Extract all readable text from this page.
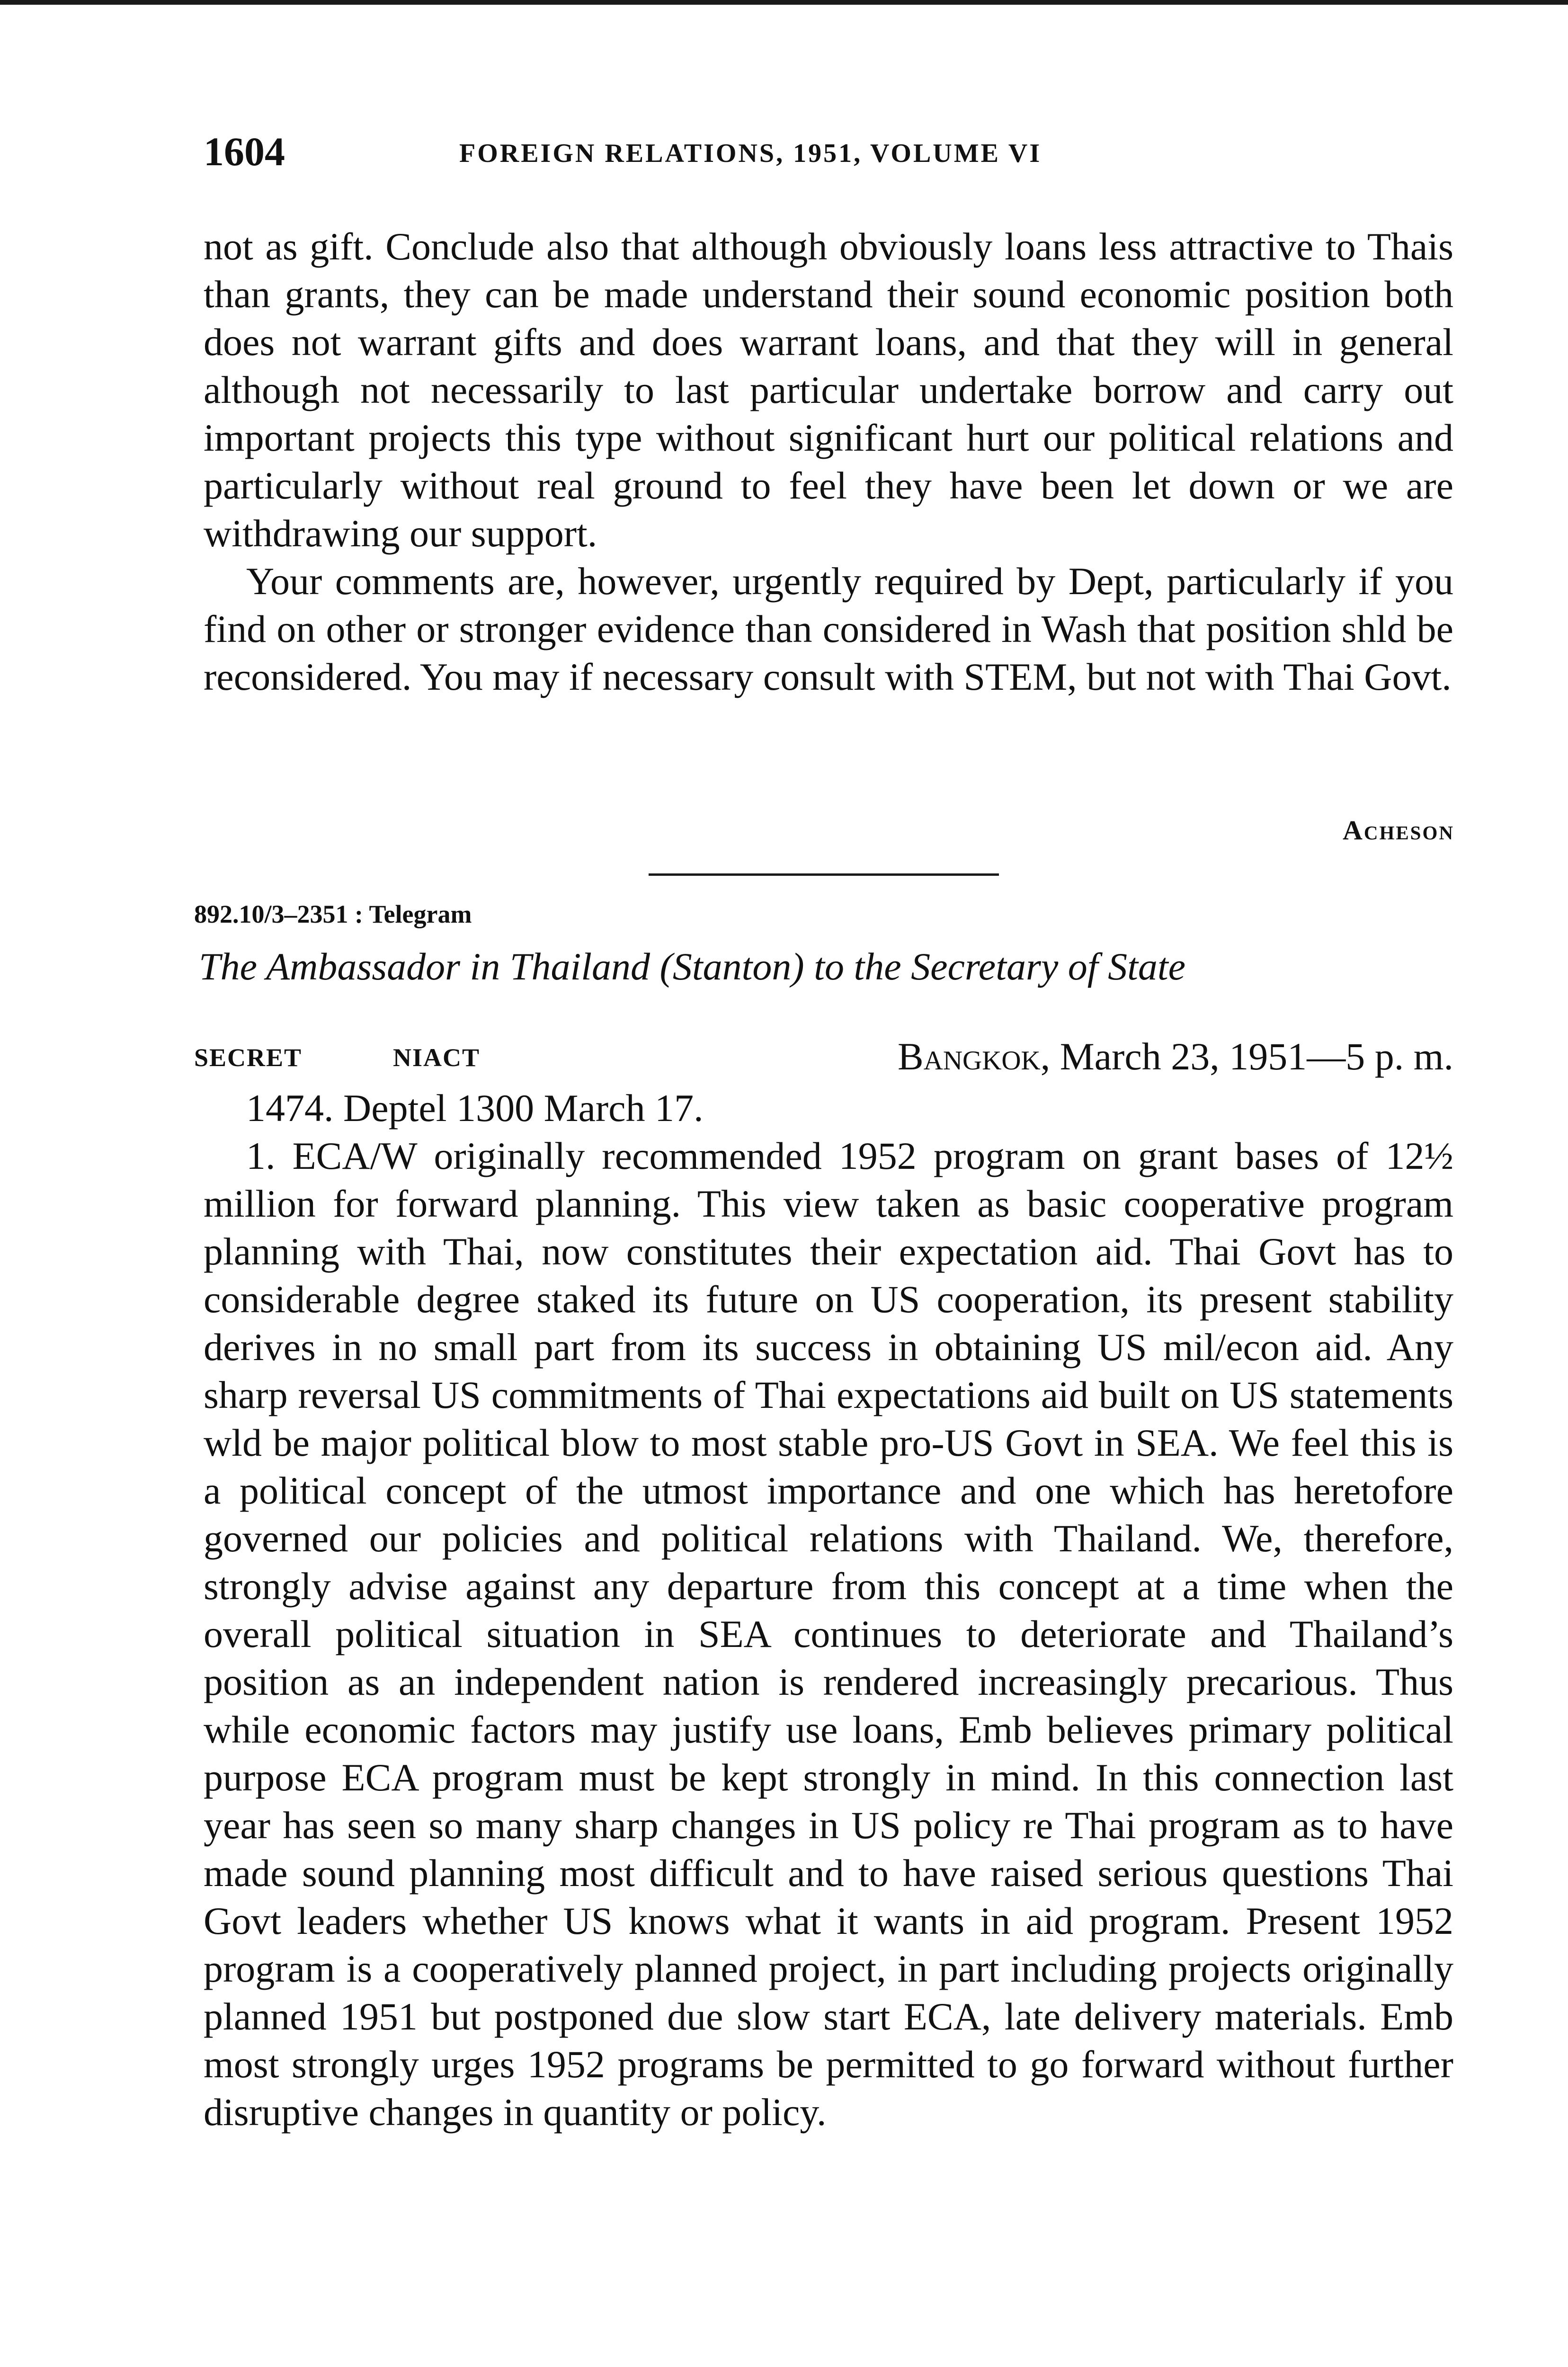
1604	FOREIGN RELATIONS, 1951, VOLUME VI

not as gift. Conclude also that although obviously loans less attractive to Thais than grants, they can be made understand their sound economic position both does not warrant gifts and does warrant loans, and that they will in general although not necessarily to last particular undertake borrow and carry out important projects this type without significant hurt our political relations and particularly without real ground to feel they have been let down or we are withdrawing our support.

Your comments are, however, urgently required by Dept, particularly if you find on other or stronger evidence than considered in Wash that position shld be reconsidered. You may if necessary consult with STEM, but not with Thai Govt.

Acheson
892.10/3–2351 : Telegram
The Ambassador in Thailand (Stanton) to the Secretary of State
SECRET	NIACT	Bangkok, March 23, 1951—5 p. m.

1474. Deptel 1300 March 17.

1. ECA/W originally recommended 1952 program on grant bases of 12½ million for forward planning. This view taken as basic cooperative program planning with Thai, now constitutes their expectation aid. Thai Govt has to considerable degree staked its future on US cooperation, its present stability derives in no small part from its success in obtaining US mil/econ aid. Any sharp reversal US commitments of Thai expectations aid built on US statements wld be major political blow to most stable pro-US Govt in SEA. We feel this is a political concept of the utmost importance and one which has heretofore governed our policies and political relations with Thailand. We, therefore, strongly advise against any departure from this concept at a time when the overall political situation in SEA continues to deteriorate and Thailand’s position as an independent nation is rendered increasingly precarious. Thus while economic factors may justify use loans, Emb believes primary political purpose ECA program must be kept strongly in mind. In this connection last year has seen so many sharp changes in US policy re Thai program as to have made sound planning most difficult and to have raised serious questions Thai Govt leaders whether US knows what it wants in aid program. Present 1952 program is a cooperatively planned project, in part including projects originally planned 1951 but postponed due slow start ECA, late delivery materials. Emb most strongly urges 1952 programs be permitted to go forward without further disruptive changes in quantity or policy.
